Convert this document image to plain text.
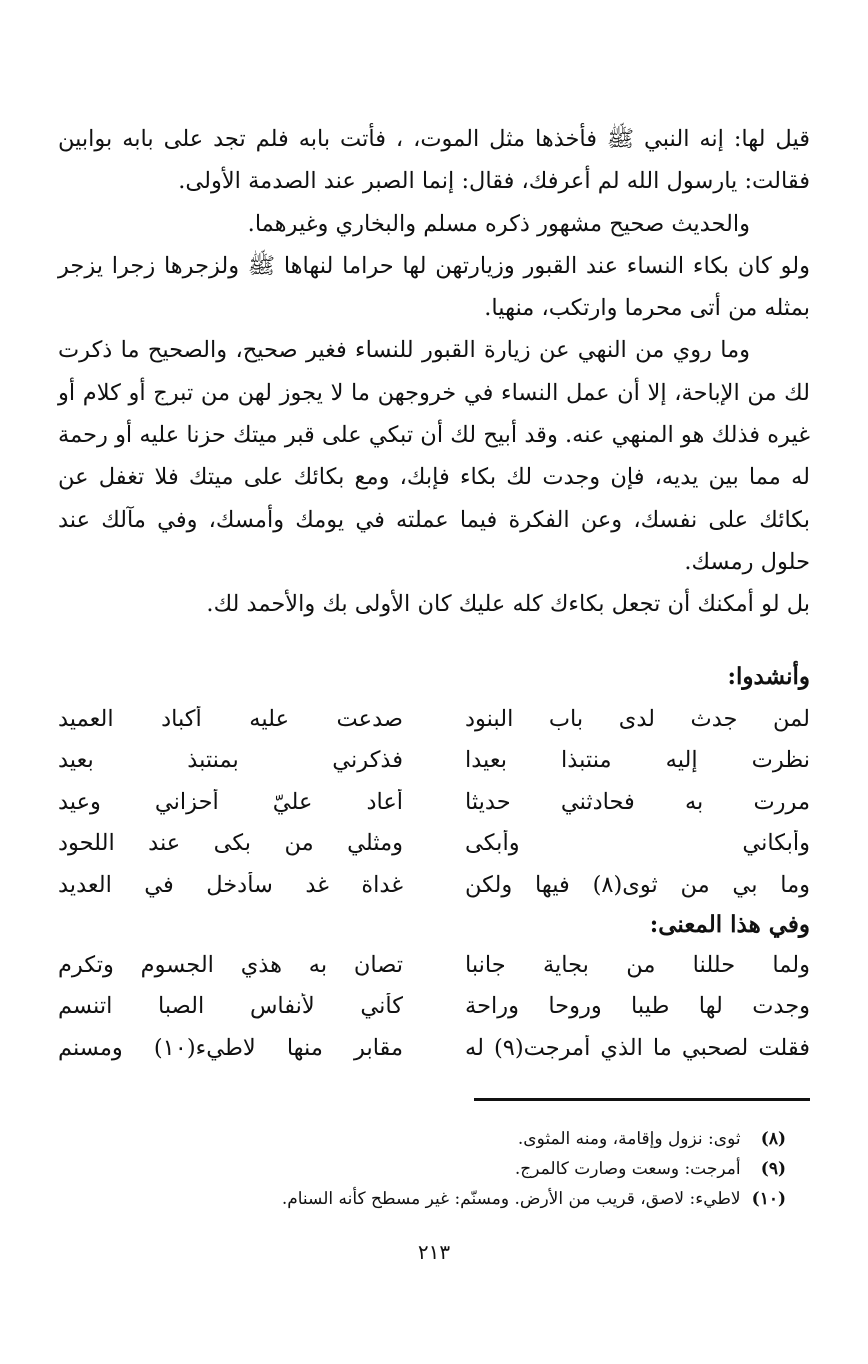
قيل لها: إنه النبي ﷺ فأخذها مثل الموت، ، فأتت بابه فلم تجد على بابه بوابين فقالت: يارسول الله لم أعرفك، فقال: إنما الصبر عند الصدمة الأولى.

والحديث صحيح مشهور ذكره مسلم والبخاري وغيرهما.

ولو كان بكاء النساء عند القبور وزيارتهن لها حراما لنهاها ﷺ ولزجرها زجرا يزجر بمثله من أتى محرما وارتكب، منهيا.

وما روي من النهي عن زيارة القبور للنساء فغير صحيح، والصحيح ما ذكرت لك من الإباحة، إلا أن عمل النساء في خروجهن ما لا يجوز لهن من تبرج أو كلام أو غيره فذلك هو المنهي عنه. وقد أبيح لك أن تبكي على قبر ميتك حزنا عليه أو رحمة له مما بين يديه، فإن وجدت لك بكاء فإبك، ومع بكائك على ميتك فلا تغفل عن بكائك على نفسك، وعن الفكرة فيما عملته في يومك وأمسك، وفي مآلك عند حلول رمسك.

بل لو أمكنك أن تجعل بكاءك كله عليك كان الأولى بك والأحمد لك.

وأنشدوا:
لمن جدث لدى باب البنود
صدعت عليه أكباد العميد
نظرت إليه منتبذا بعيدا
فذكرني بمنتبذ بعيد
مررت به فحادثني حديثا
أعاد عليّ أحزاني وعيد
وأبكاني وأبكى
ومثلي من بكى عند اللحود
وما بي من ثوى(٨) فيها ولكن
غداة غد سأدخل في العديد
وفي هذا المعنى:
ولما حللنا من بجاية جانبا
تصان به هذي الجسوم وتكرم
وجدت لها طيبا وروحا وراحة
كأني لأنفاس الصبا اتنسم
فقلت لصحبي ما الذي أمرجت(٩) له
مقابر منها لاطيء(١٠) ومسنم
(٨) ثوى: نزول وإقامة، ومنه المثوى.
(٩) أمرجت: وسعت وصارت كالمرج.
(١٠) لاطيء: لاصق، قريب من الأرض. ومسنّم: غير مسطح كأنه السنام.
٢١٣
